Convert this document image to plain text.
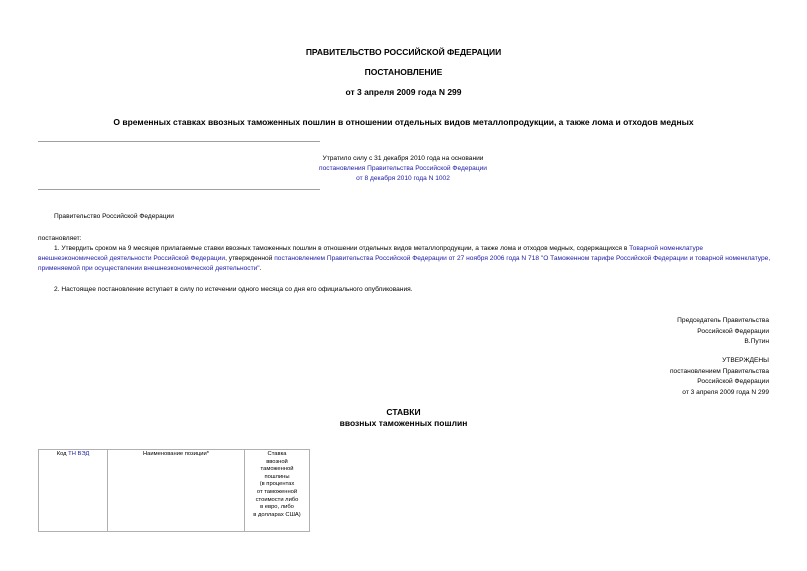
ПРАВИТЕЛЬСТВО РОССИЙСКОЙ ФЕДЕРАЦИИ
ПОСТАНОВЛЕНИЕ
от 3 апреля 2009 года N 299
О временных ставках ввозных таможенных пошлин в отношении отдельных видов металлопродукции, а также лома и отходов медных
Утратило силу с 31 декабря 2010 года на основании
постановления Правительства Российской Федерации
от 8 декабря 2010 года N 1002
Правительство Российской Федерации
постановляет:
1. Утвердить сроком на 9 месяцев прилагаемые ставки ввозных таможенных пошлин в отношении отдельных видов металлопродукции, а также лома и отходов медных, содержащихся в Товарной номенклатуре внешнеэкономической деятельности Российской Федерации, утвержденной постановлением Правительства Российской Федерации от 27 ноября 2006 года N 718 "О Таможенном тарифе Российской Федерации и товарной номенклатуре, применяемой при осуществлении внешнеэкономической деятельности".
2. Настоящее постановление вступает в силу по истечении одного месяца со дня его официального опубликования.
Председатель Правительства
Российской Федерации
В.Путин
УТВЕРЖДЕНЫ
постановлением Правительства
Российской Федерации
от 3 апреля 2009 года N 299
СТАВКИ
ввозных таможенных пошлин
Код ТН ВЭД	Наименование позиции*	Ставка
ввозной
таможенной
пошлины
(в процентах
от таможенной
стоимости либо
в евро, либо
в долларах США)
